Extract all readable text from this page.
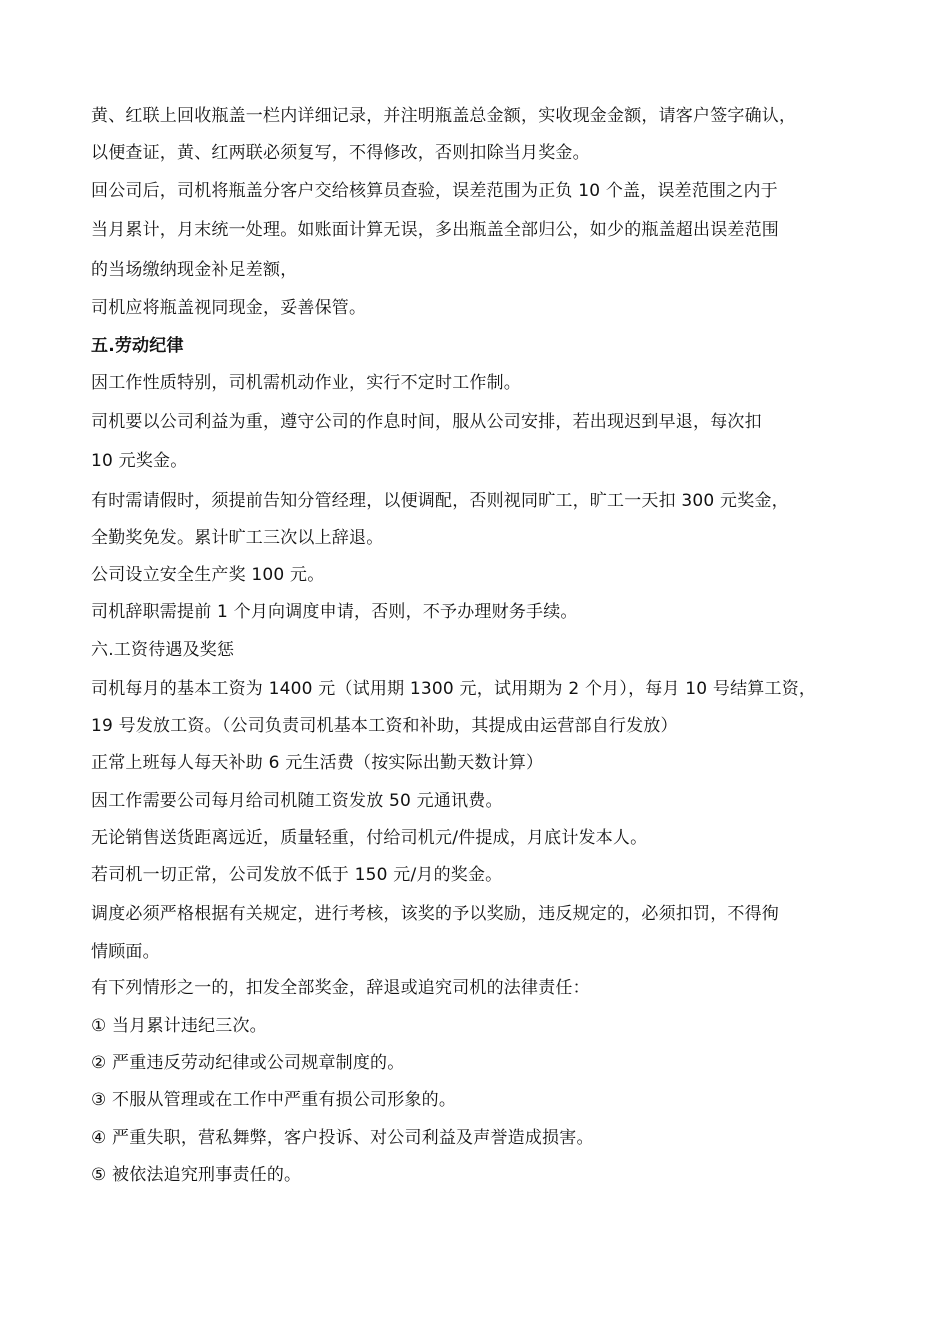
黄、红联上回收瓶盖一栏内详细记录，并注明瓶盖总金额，实收现金金额，请客户签字确认，
以便查证，黄、红两联必须复写，不得修改，否则扣除当月奖金。
回公司后，司机将瓶盖分客户交给核算员查验，误差范围为正负 10 个盖，误差范围之内于
当月累计，月末统一处理。如账面计算无误，多出瓶盖全部归公，如少的瓶盖超出误差范围
的当场缴纳现金补足差额，
司机应将瓶盖视同现金，妥善保管。
五.劳动纪律
因工作性质特别，司机需机动作业，实行不定时工作制。
司机要以公司利益为重，遵守公司的作息时间，服从公司安排，若出现迟到早退，每次扣
10 元奖金。
有时需请假时，须提前告知分管经理，以便调配，否则视同旷工，旷工一天扣 300 元奖金，
全勤奖免发。累计旷工三次以上辞退。
公司设立安全生产奖 100 元。
司机辞职需提前 1 个月向调度申请，否则，不予办理财务手续。
六.工资待遇及奖惩
司机每月的基本工资为 1400 元（试用期 1300 元，试用期为 2 个月），每月 10 号结算工资，
19 号发放工资。（公司负责司机基本工资和补助，其提成由运营部自行发放）
正常上班每人每天补助 6 元生活费（按实际出勤天数计算）
因工作需要公司每月给司机随工资发放 50 元通讯费。
无论销售送货距离远近，质量轻重，付给司机元/件提成，月底计发本人。
若司机一切正常，公司发放不低于 150 元/月的奖金。
调度必须严格根据有关规定，进行考核，该奖的予以奖励，违反规定的，必须扣罚，不得徇
情顾面。
有下列情形之一的，扣发全部奖金，辞退或追究司机的法律责任：
① 当月累计违纪三次。
② 严重违反劳动纪律或公司规章制度的。
③ 不服从管理或在工作中严重有损公司形象的。
④ 严重失职，营私舞弊，客户投诉、对公司利益及声誉造成损害。
⑤ 被依法追究刑事责任的。
